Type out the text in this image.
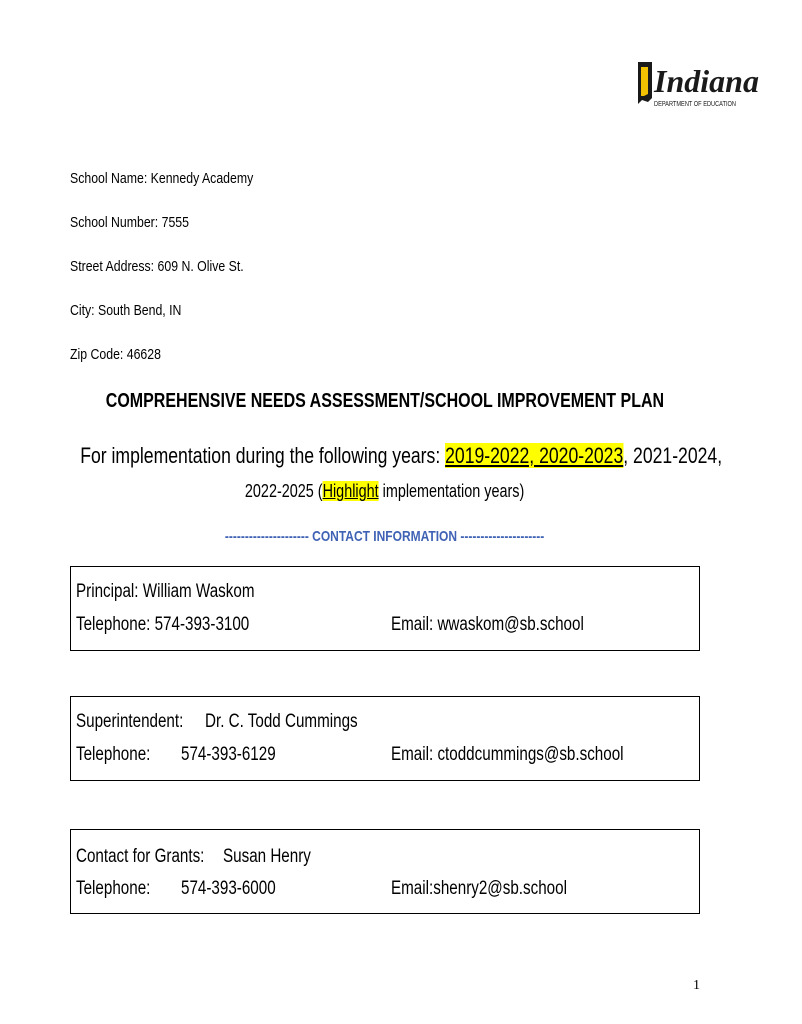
Indiana
DEPARTMENT OF EDUCATION
School Name: Kennedy Academy
School Number: 7555
Street Address: 609 N. Olive St.
City: South Bend, IN
Zip Code: 46628
COMPREHENSIVE NEEDS ASSESSMENT/SCHOOL IMPROVEMENT PLAN
For implementation during the following years: 2019-2022, 2020-2023, 2021-2024,
2022-2025 (Highlight implementation years)
--------------------- CONTACT INFORMATION ---------------------
Principal: William Waskom
Telephone: 574-393-3100	Email: wwaskom@sb.school
Superintendent: Dr. C. Todd Cummings
Telephone: 574-393-6129	Email: ctoddcummings@sb.school
Contact for Grants: Susan Henry
Telephone: 574-393-6000	Email:shenry2@sb.school
1
